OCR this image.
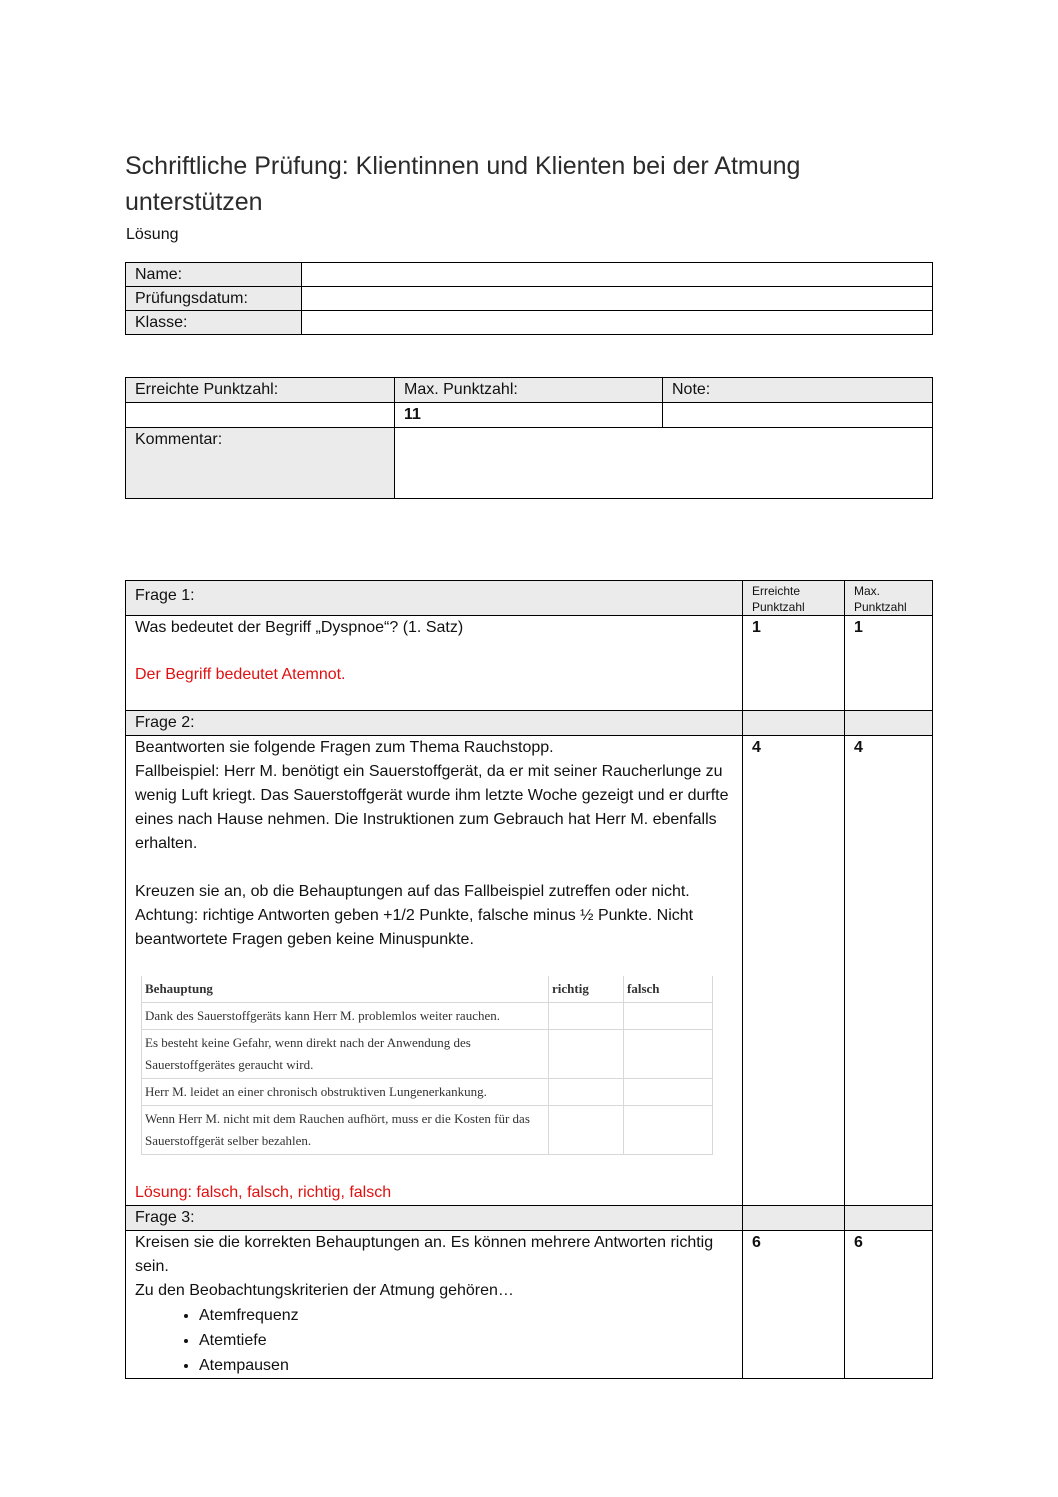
Schriftliche Prüfung: Klientinnen und Klienten bei der Atmung unterstützen

Lösung

Name:	
Prüfungsdatum:	
Klasse:	
Erreichte Punktzahl:	Max. Punktzahl:	Note:
	11	
Kommentar:		
Frage 1:	Erreichte Punktzahl	Max. Punktzahl

Was bedeutet der Begriff „Dyspnoe“? (1. Satz)
Der Begriff bedeutet Atemnot.
	1	1
Frage 2:		

Beantworten sie folgende Fragen zum Thema Rauchstopp.
Fallbeispiel: Herr M. benötigt ein Sauerstoffgerät, da er mit seiner Raucherlunge zu wenig Luft kriegt. Das Sauerstoffgerät wurde ihm letzte Woche gezeigt und er durfte eines nach Hause nehmen. Die Instruktionen zum Gebrauch hat Herr M. ebenfalls erhalten.
Kreuzen sie an, ob die Behauptungen auf das Fallbeispiel zutreffen oder nicht. Achtung: richtige Antworten geben +1/2 Punkte, falsche minus ½ Punkte. Nicht beantwortete Fragen geben keine Minuspunkte.
Behauptung	richtig	falsch
Dank des Sauerstoffgeräts kann Herr M. problemlos weiter rauchen.		
Es besteht keine Gefahr, wenn direkt nach der Anwendung des Sauerstoffgerätes geraucht wird.		
Herr M. leidet an einer chronisch obstruktiven Lungenerkankung.		
Wenn Herr M. nicht mit dem Rauchen aufhört, muss er die Kosten für das Sauerstoffgerät selber bezahlen.		
Lösung: falsch, falsch, richtig, falsch
	4	4
Frage 3:		

Kreisen sie die korrekten Behauptungen an. Es können mehrere Antworten richtig sein.
Zu den Beobachtungskriterien der Atmung gehören…
• Atemfrequenz
• Atemtiefe
• Atempausen
	6	6
